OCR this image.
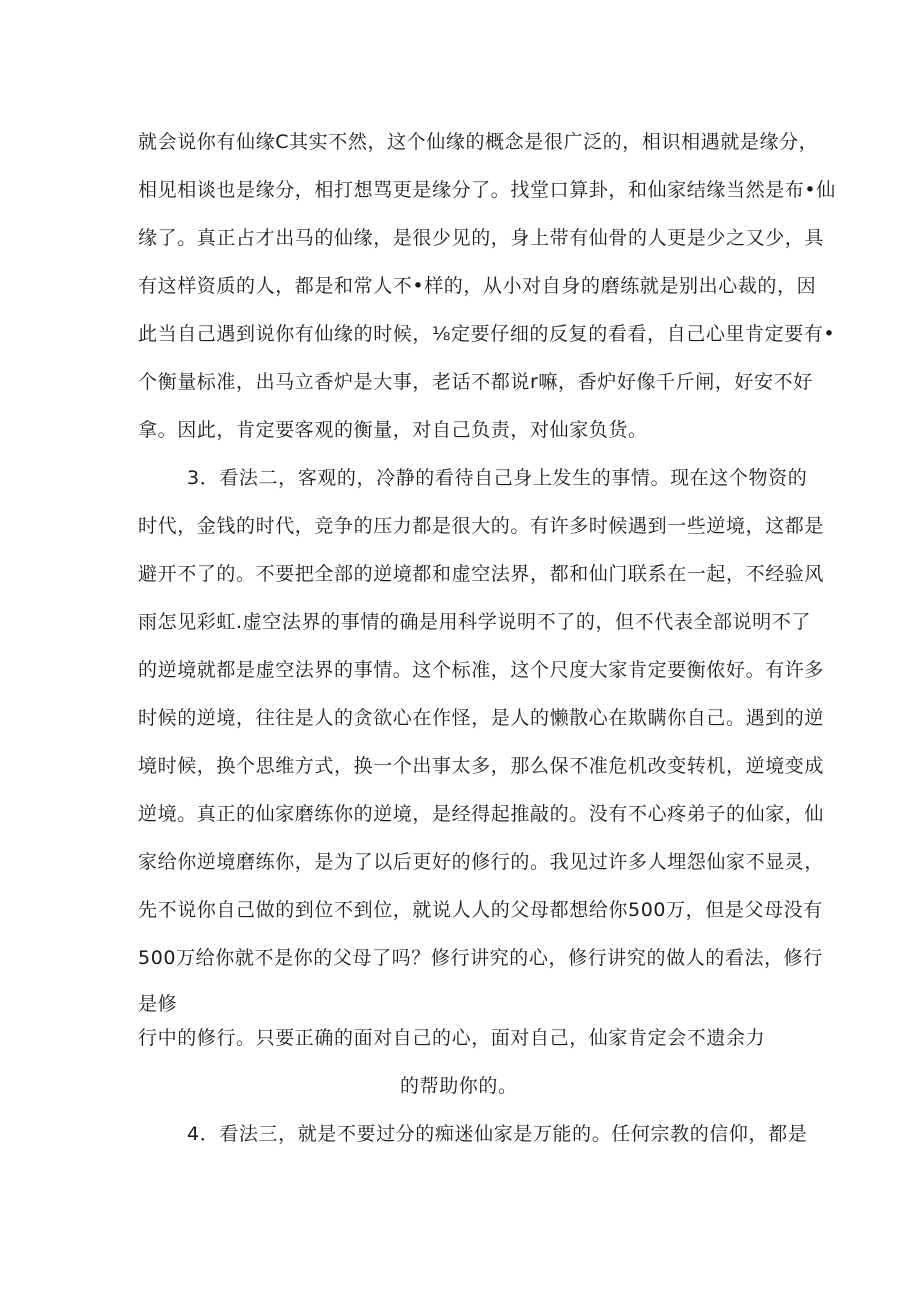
就会说你有仙缘C其实不然，这个仙缘的概念是很广泛的，相识相遇就是缘分，
相见相谈也是缘分，相打想骂更是缘分了。找堂口算卦，和仙家结缘当然是布•仙
缘了。真正占才出马的仙缘，是很少见的，身上带有仙骨的人更是少之又少，具
有这样资质的人，都是和常人不•样的，从小对自身的磨练就是别出心裁的，因
此当自己遇到说你有仙缘的时候，⅛定要仔细的反复的看看，自己心里肯定要有•
个衡量标准，出马立香炉是大事，老话不都说r嘛，香炉好像千斤闸，好安不好
拿。因此，肯定要客观的衡量，对自己负责，对仙家负货。
3．看法二，客观的，冷静的看待自己身上发生的事情。现在这个物资的
时代，金钱的时代，竞争的压力都是很大的。有许多时候遇到一些逆境，这都是
避开不了的。不要把全部的逆境都和虚空法界，都和仙门联系在一起，不经验风
雨怎见彩虹.虚空法界的事情的确是用科学说明不了的，但不代表全部说明不了
的逆境就都是虚空法界的事情。这个标准，这个尺度大家肯定要衡侬好。有许多
时候的逆境，往往是人的贪欲心在作怪，是人的懒散心在欺瞒你自己。遇到的逆
境时候，换个思维方式，换一个出事太多，那么保不准危机改变转机，逆境变成
逆境。真正的仙家磨练你的逆境，是经得起推敲的。没有不心疼弟子的仙家，仙
家给你逆境磨练你，是为了以后更好的修行的。我见过许多人埋怨仙家不显灵，
先不说你自己做的到位不到位，就说人人的父母都想给你500万，但是父母没有
500万给你就不是你的父母了吗？修行讲究的心，修行讲究的做人的看法，修行
是修
行中的修行。只要正确的面对自己的心，面对自己，仙家肯定会不遗余力
的帮助你的。
4．看法三，就是不要过分的痴迷仙家是万能的。任何宗教的信仰，都是
